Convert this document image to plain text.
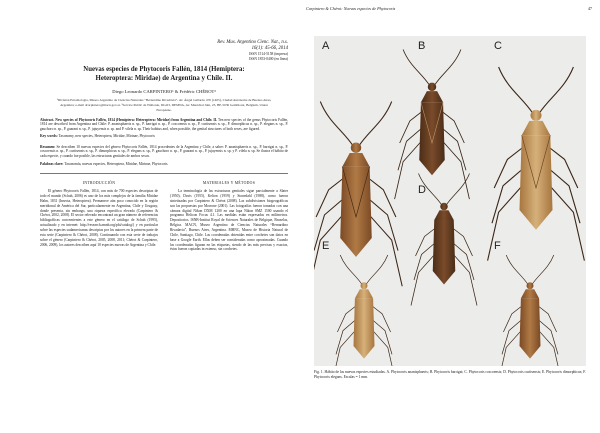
Carpintero & Chérot: Nuevas especies de Phytocoris	47
Rev. Mus. Argentino Cienc. Nat., n.s.
16(1): 45-66, 2014
ISSN 1514-5158 (impresa)
ISSN 1853-0400 (en línea)
Nuevas especies de Phytocoris Fallén, 1814 (Hemiptera:
Heteroptera: Miridae) de Argentina y Chile. II.
Diego Leonardo CARPINTERO¹ & Frédéric CHÉROT²
¹División Entomología, Museo Argentino de Ciencias Naturales “Bernardino Rivadavia”. Av. Ángel Gallardo 470 (1405), Ciudad Autónoma de Buenos Aires, Argentina; e-mail dcarpintero@macn.gov.ar. ²Service Public de Wallonie, DGO3, DEMNA, Av. Maréchal Juin, 23, BE-5030 Gembloux, Belgium, Union Européene.
Abstract. New species of Phytocoris Fallén, 1814 (Hemiptera: Heteroptera: Miridae) from Argentina and Chile. II. Ten new species of the genus Phytocoris Fallén, 1814 are described from Argentina and Chile: P. ananisphaeris n. sp., P. barrigai n. sp., P. coscoensis n. sp., P. curtisensis n. sp., P. dimorphicus n. sp., P. elegans n. sp., P. gauchoro n. sp., P. guarani n. sp., P. jujuyensis n. sp. and P. vilela n. sp. Their habitus and, when possible, the genital structures of both sexes, are figured.
Key words: Taxonomy, new species, Heteroptera, Miridae, Mirinae, Phytocoris
Resumen: Se describen 10 nuevas especies del género Phytocoris Fallén, 1814 procedentes de la Argentina y Chile, a saber: P. ananisphaeris n. sp., P. barrigai n. sp., P. coscoensis n. sp., P. curtisensis n. sp., P. dimorphicus n. sp., P. elegans n. sp., P. gauchoro n. sp., P. guarani n. sp., P. jujuyensis n. sp. y P. vilela n. sp. Se ilustra el hábito de cada especie, y cuando fue posible, las estructuras genitales de ambos sexos.
Palabras clave: Taxonomía, nuevas especies, Heteroptera, Miridae, Mirinae, Phytocoris.
INTRODUCCIÓN
El género Phytocoris Fallén, 1814, con más de 700 especies descriptas de todo el mundo (Schuh, 2006) es uno de los más complejos de la familia Miridae Hahn, 1831 (Insecta, Heteroptera). Permanece aún poco conocido en la región meridional de América del Sur, particularmente en Argentina, Chile y Uruguay, donde presenta, sin embargo, una riqueza específica elevada (Carpintero & Chérot, 2002, 2008). El sector relevado encontrará un gran número de referencias bibliográficas concernientes a este género en el catálogo de Schuh (1995), actualizado y en internet: http://research.amnh.org/pbi/catalog/) y en particular sobre las especies sudamericanas descriptas por los autores en la primera parte de esta serie (Carpintero & Chérot, 2008). Continuando con esta serie de trabajos sobre el género (Carpintero & Chérot, 2005, 2008, 2011; Chérot & Carpintero, 2006, 2009), los autores describen aquí 10 especies nuevas de Argentina y Chile.
MATERIALES Y MÉTODOS
La terminología de las estructuras genitales sigue parcialmente a Slater (1950), Davis (1955), Kelton (1959) y Stonedahl (1988), como fueron sintetizadas por Carpintero & Chérot (2008). Las subdivisiones biogeográficas son las propuestas por Morrone (2001). Las fotografías fueron tomadas con una cámara digital Nikon DXM 1200 en una lupa Nikon SMZ 1500 usando el programa Helicon Focus 4.1. Las medidas están expresadas en milímetros. Depositorios. ISNB-Institut Royal de Sciences Naturales de Belgique, Bruxelas, Bélgica. MACN, Museo Argentino de Ciencias Naturales “Bernardino Rivadavia”, Buenos Aires, Argentina. MHNC, Museo de Historia Natural de Chile, Santiago, Chile. Las coordenadas obtenidas entre corchetes son datos en base a Google Earth. Ellas deben ser consideradas como aproximadas. Cuando las coordenadas figuran en las etiquetas, siendo de las más precisas y exactas, éstas fueron copiadas in extenso, sin corchetes.
A	B	C
D
E	F
Fig. 1. Hábito de las nuevas especies estudiadas. A. Phytocoris ananisphaeris; B. Phytocoris barrigai; C. Phytocoris coscoensis; D. Phytocoris curtisensis; E. Phytocoris dimorphicus; F. Phytocoris elegans. Escalas = 1 mm.
